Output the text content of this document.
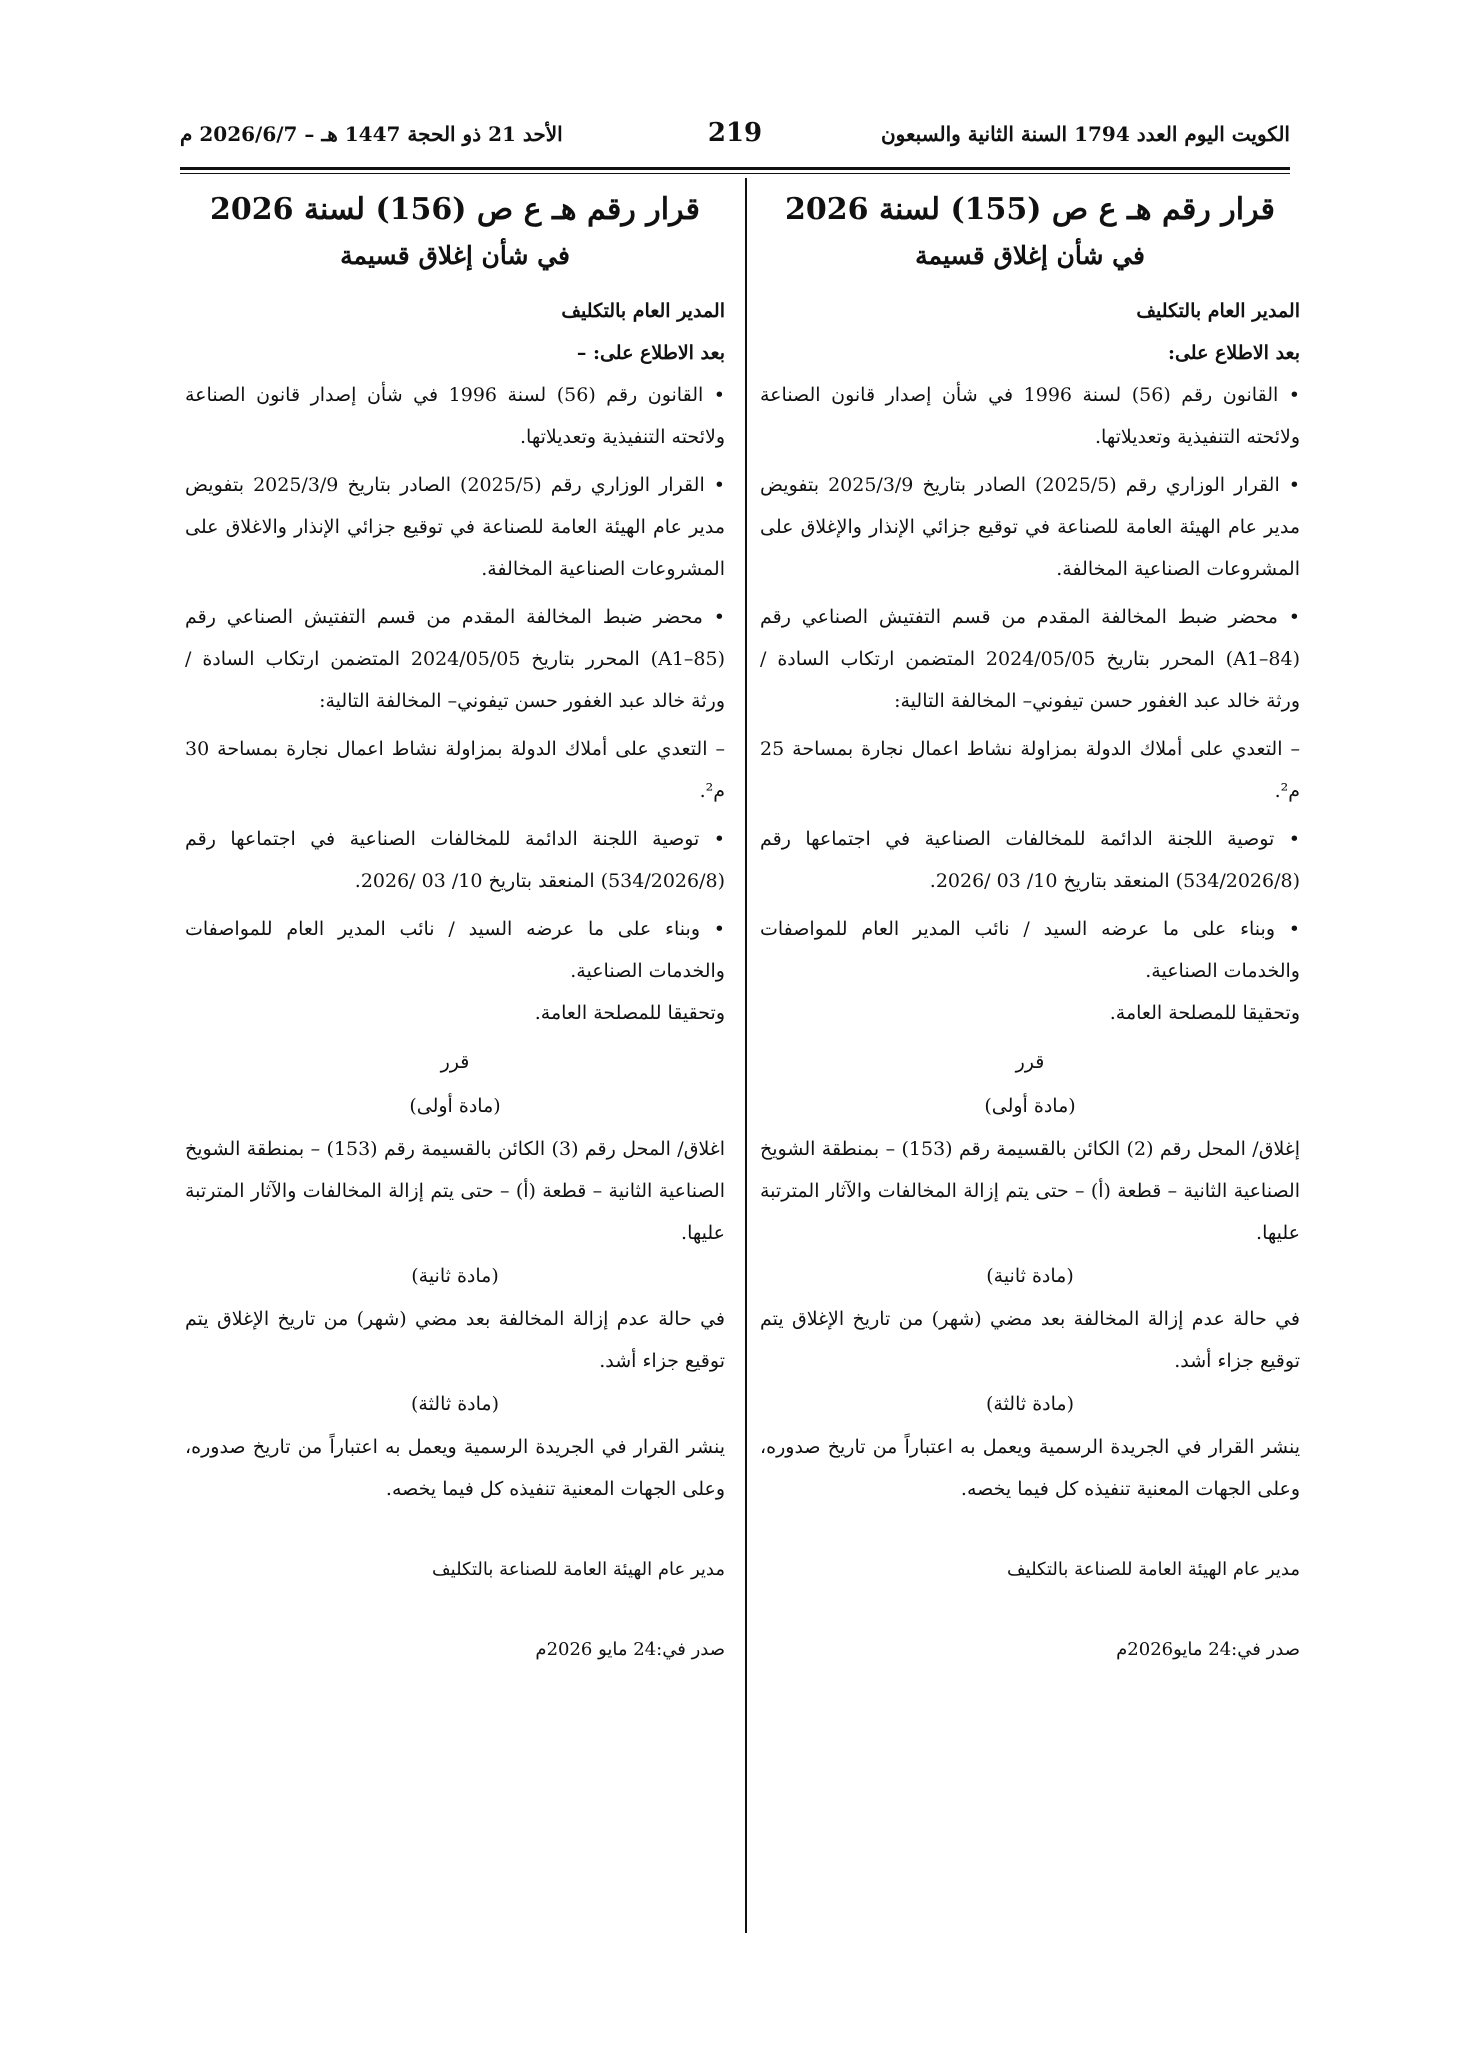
الكويت اليوم العدد 1794 السنة الثانية والسبعون
219
الأحد 21 ذو الحجة 1447 هـ – 2026/6/7 م
قرار رقم هـ ع ص (155) لسنة 2026
في شأن إغلاق قسيمة

المدير العام بالتكليف

بعد الاطلاع على:

• القانون رقم (56) لسنة 1996 في شأن إصدار قانون الصناعة ولائحته التنفيذية وتعديلاتها.

• القرار الوزاري رقم (2025/5) الصادر بتاريخ 2025/3/9 بتفويض مدير عام الهيئة العامة للصناعة في توقيع جزائي الإنذار والإغلاق على المشروعات الصناعية المخالفة.

• محضر ضبط المخالفة المقدم من قسم التفتيش الصناعي رقم (A1–84) المحرر بتاريخ 2024/05/05 المتضمن ارتكاب السادة / ورثة خالد عبد الغفور حسن تيفوني– المخالفة التالية:

– التعدي على أملاك الدولة بمزاولة نشاط اعمال نجارة بمساحة 25 م².

• توصية اللجنة الدائمة للمخالفات الصناعية في اجتماعها رقم (534/2026/8) المنعقد بتاريخ 10/ 03 /2026.

• وبناء على ما عرضه السيد / نائب المدير العام للمواصفات والخدمات الصناعية.

وتحقيقا للمصلحة العامة.

قرر
(مادة أولى)

إغلاق/ المحل رقم (2) الكائن بالقسيمة رقم (153) – بمنطقة الشويخ الصناعية الثانية – قطعة (أ) – حتى يتم إزالة المخالفات والآثار المترتبة عليها.

(مادة ثانية)

في حالة عدم إزالة المخالفة بعد مضي (شهر) من تاريخ الإغلاق يتم توقيع جزاء أشد.

(مادة ثالثة)

ينشر القرار في الجريدة الرسمية ويعمل به اعتباراً من تاريخ صدوره، وعلى الجهات المعنية تنفيذه كل فيما يخصه.

مدير عام الهيئة العامة للصناعة بالتكليف
صدر في:24 مايو2026م
قرار رقم هـ ع ص (156) لسنة 2026
في شأن إغلاق قسيمة

المدير العام بالتكليف

بعد الاطلاع على: –

• القانون رقم (56) لسنة 1996 في شأن إصدار قانون الصناعة ولائحته التنفيذية وتعديلاتها.

• القرار الوزاري رقم (2025/5) الصادر بتاريخ 2025/3/9 بتفويض مدير عام الهيئة العامة للصناعة في توقيع جزائي الإنذار والاغلاق على المشروعات الصناعية المخالفة.

• محضر ضبط المخالفة المقدم من قسم التفتيش الصناعي رقم (A1–85) المحرر بتاريخ 2024/05/05 المتضمن ارتكاب السادة / ورثة خالد عبد الغفور حسن تيفوني– المخالفة التالية:

– التعدي على أملاك الدولة بمزاولة نشاط اعمال نجارة بمساحة 30 م².

• توصية اللجنة الدائمة للمخالفات الصناعية في اجتماعها رقم (534/2026/8) المنعقد بتاريخ 10/ 03 /2026.

• وبناء على ما عرضه السيد / نائب المدير العام للمواصفات والخدمات الصناعية.

وتحقيقا للمصلحة العامة.

قرر
(مادة أولى)

اغلاق/ المحل رقم (3) الكائن بالقسيمة رقم (153) – بمنطقة الشويخ الصناعية الثانية – قطعة (أ) – حتى يتم إزالة المخالفات والآثار المترتبة عليها.

(مادة ثانية)

في حالة عدم إزالة المخالفة بعد مضي (شهر) من تاريخ الإغلاق يتم توقيع جزاء أشد.

(مادة ثالثة)

ينشر القرار في الجريدة الرسمية ويعمل به اعتباراً من تاريخ صدوره، وعلى الجهات المعنية تنفيذه كل فيما يخصه.

مدير عام الهيئة العامة للصناعة بالتكليف
صدر في:24 مايو 2026م
